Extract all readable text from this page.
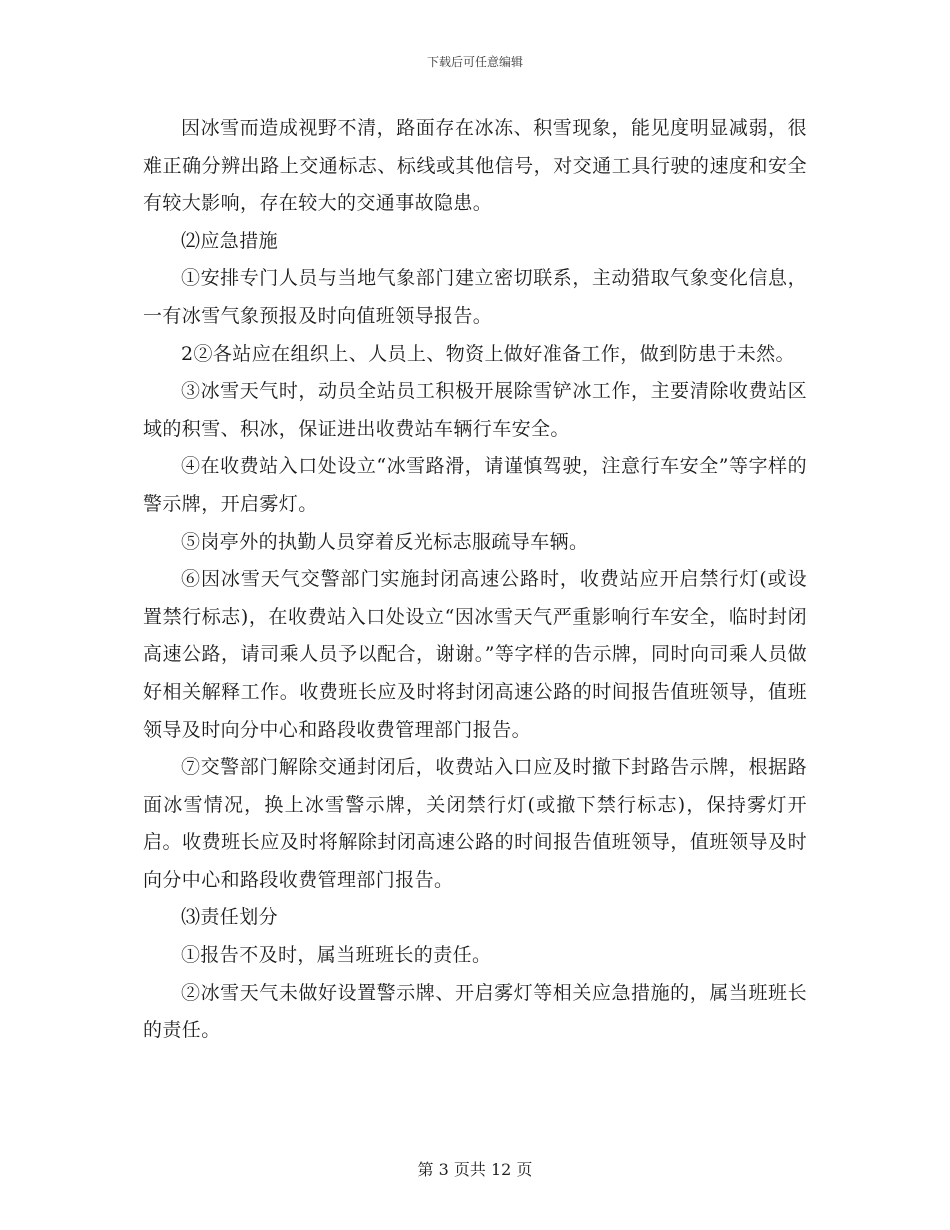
下载后可任意编辑

因冰雪而造成视野不清，路面存在冰冻、积雪现象，能见度明显减弱，很难正确分辨出路上交通标志、标线或其他信号，对交通工具行驶的速度和安全有较大影响，存在较大的交通事故隐患。

⑵应急措施

①安排专门人员与当地气象部门建立密切联系，主动猎取气象变化信息，一有冰雪气象预报及时向值班领导报告。

2②各站应在组织上、人员上、物资上做好准备工作，做到防患于未然。

③冰雪天气时，动员全站员工积极开展除雪铲冰工作，主要清除收费站区域的积雪、积冰，保证进出收费站车辆行车安全。

④在收费站入口处设立“冰雪路滑，请谨慎驾驶，注意行车安全”等字样的警示牌，开启雾灯。

⑤岗亭外的执勤人员穿着反光标志服疏导车辆。

⑥因冰雪天气交警部门实施封闭高速公路时，收费站应开启禁行灯(或设置禁行标志)，在收费站入口处设立“因冰雪天气严重影响行车安全，临时封闭高速公路，请司乘人员予以配合，谢谢。”等字样的告示牌，同时向司乘人员做好相关解释工作。收费班长应及时将封闭高速公路的时间报告值班领导，值班领导及时向分中心和路段收费管理部门报告。

⑦交警部门解除交通封闭后，收费站入口应及时撤下封路告示牌，根据路面冰雪情况，换上冰雪警示牌，关闭禁行灯(或撤下禁行标志)，保持雾灯开启。收费班长应及时将解除封闭高速公路的时间报告值班领导，值班领导及时向分中心和路段收费管理部门报告。

⑶责任划分

①报告不及时，属当班班长的责任。

②冰雪天气未做好设置警示牌、开启雾灯等相关应急措施的，属当班班长的责任。

第 3 页共 12 页
